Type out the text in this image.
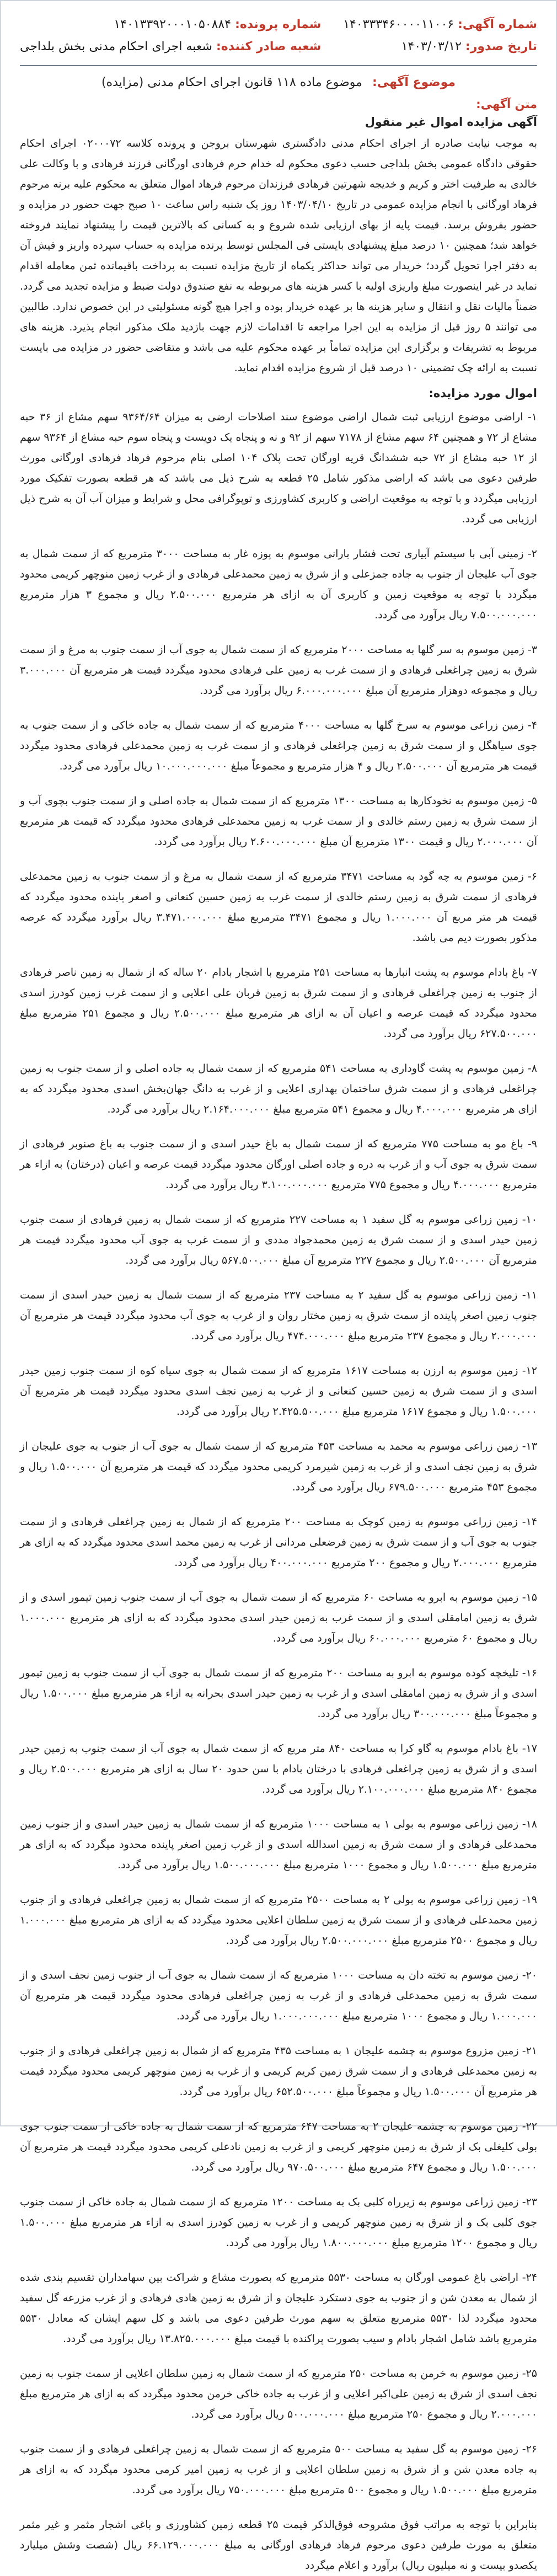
شماره آگهی: ۱۴۰۳۳۳۴۶۰۰۰۰۱۱۰۰۶
تاریخ صدور: ۱۴۰۳/۰۳/۱۲
شماره پرونده: ۱۴۰۱۳۳۹۲۰۰۰۱۰۵۰۸۸۴
شعبه صادر کننده: شعبه اجرای احکام مدنی بخش بلداجی
موضوع آگهی:
موضوع ماده ۱۱۸ قانون اجرای احکام مدنی (مزایده)
متن آگهی:
آگهی مزایده اموال غیر منقول

به موجب نیابت صادره از اجرای احکام مدنی دادگستری شهرستان بروجن و پرونده کلاسه ۰۲۰۰۰۷۲ اجرای احکام حقوقی دادگاه عمومی بخش بلداجی حسب دعوی محکوم له خدام حرم فرهادی اورگانی فرزند فرهادی و با وکالت علی خالدی به طرفیت اختر و کریم و خدیجه شهرتین فرهادی فرزندان مرحوم فرهاد اموال متعلق به محکوم علیه برنه مرحوم فرهاد اورگانی با انجام مزایده عمومی در تاریخ ۱۴۰۳/۰۴/۱۰ روز یک شنبه راس ساعت ۱۰ صبح جهت حضور در مزایده و حضور بفروش برسد. قیمت پایه از بهای ارزیابی شده شروع و به کسانی که بالاترین قیمت را پیشنهاد نمایند فروخته خواهد شد؛ همچنین ۱۰ درصد مبلغ پیشنهادی بایستی فی المجلس توسط برنده مزایده به حساب سپرده واریز و فیش آن به دفتر اجرا تحویل گردد؛ خریدار می تواند حداکثر یکماه از تاریخ مزایده نسبت به پرداخت باقیمانده ثمن معامله اقدام نماید در غیر اینصورت مبلغ واریزی اولیه با کسر هزینه های مربوطه به نفع صندوق دولت ضبط و مزایده تجدید می گردد. ضمناً مالیات نقل و انتقال و سایر هزینه ها بر عهده خریدار بوده و اجرا هیچ گونه مسئولیتی در این خصوص ندارد. طالبین می توانند ۵ روز قبل از مزایده به این اجرا مراجعه تا اقدامات لازم جهت بازدید ملک مذکور انجام پذیرد. هزینه های مربوط به تشریفات و برگزاری این مزایده تماماً بر عهده محکوم علیه می باشد و متقاضی حضور در مزایده می بایست نسبت به ارائه چک تضمینی ۱۰ درصد قبل از شروع مزایده اقدام نماید.

اموال مورد مزایده:

۱- اراضی موضوع ارزیابی ثبت شمال اراضی موضوع سند اصلاحات ارضی به میزان ۹۳۶۴/۶۴ سهم مشاع از ۳۶ حبه مشاع از ۷۲ و همچنین ۶۴ سهم مشاع از ۷۱۷۸ سهم از ۹۲ و نه و پنجاه یک دویست و پنجاه سوم حبه مشاع از ۹۳۶۴ سهم از ۱۲ حبه مشاع از ۷۲ حبه ششدانگ قریه اورگان تحت پلاک ۱۰۴ اصلی بنام مرحوم فرهاد فرهادی اورگانی مورث طرفین دعوی می باشد که اراضی مذکور شامل ۲۵ قطعه به شرح ذیل می باشد که هر قطعه بصورت تفکیک مورد ارزیابی میگردد و با توجه به موقعیت اراضی و کاربری کشاورزی و توپوگرافی محل و شرایط و میزان آب آن به شرح ذیل ارزیابی می گردد.

۲- زمینی آبی با سیستم آبیاری تحت فشار بارانی موسوم به پوزه غار به مساحت ۳۰۰۰ مترمربع که از سمت شمال به جوی آب علیجان از جنوب به جاده جمزعلی و از شرق به زمین محمدعلی فرهادی و از غرب زمین منوچهر کریمی محدود میگردد با توجه به موقعیت زمین و کاربری آن به ازای هر مترمربع ۲.۵۰۰.۰۰۰ ریال و مجموع ۳ هزار مترمربع ۷.۵۰۰.۰۰۰.۰۰۰ ریال برآورد می گردد.

۳- زمین موسوم به سر گلها به مساحت ۲۰۰۰ مترمربع که از سمت شمال به جوی آب از سمت جنوب به مرغ و از سمت شرق به زمین چراغعلی فرهادی و از سمت غرب به زمین علی فرهادی محدود میگردد قیمت هر مترمربع آن ۳.۰۰۰.۰۰۰ ریال و مجموعه دوهزار مترمربع آن مبلغ ۶.۰۰۰.۰۰۰.۰۰۰ ریال برآورد می گردد.

۴- زمین زراعی موسوم به سرخ گلها به مساحت ۴۰۰۰ مترمربع که از سمت شمال به جاده خاکی و از سمت جنوب به جوی سیاهگل و از سمت شرق به زمین چراغعلی فرهادی و از سمت غرب به زمین محمدعلی فرهادی محدود میگردد قیمت هر مترمربع آن ۲.۵۰۰.۰۰۰ ریال و ۴ هزار مترمربع و مجموعاً مبلغ ۱۰.۰۰۰.۰۰۰.۰۰۰ ریال برآورد می گردد.

۵- زمین موسوم به نخودکارها به مساحت ۱۳۰۰ مترمربع که از سمت شمال به جاده اصلی و از سمت جنوب بچوی آب و از سمت شرق به زمین رستم خالدی و از سمت غرب به زمین محمدعلی فرهادی محدود میگردد که قیمت هر مترمربع آن ۲.۰۰۰.۰۰۰ ریال و قیمت ۱۳۰۰ مترمربع آن مبلغ ۲.۶۰۰.۰۰۰.۰۰۰ ریال برآورد می گردد.

۶- زمین موسوم به چه گود به مساحت ۳۴۷۱ مترمربع که از سمت شمال به مرغ و از سمت جنوب به زمین محمدعلی فرهادی از سمت شرق به زمین رستم خالدی از سمت غرب به زمین حسین کنعانی و اصغر پاینده محدود میگردد که قیمت هر متر مربع آن ۱.۰۰۰.۰۰۰ ریال و مجموع ۳۴۷۱ مترمربع مبلغ ۳.۴۷۱.۰۰۰.۰۰۰ ریال برآورد میگردد که عرصه مذکور بصورت دیم می باشد.

۷- باغ بادام موسوم به پشت انبارها به مساحت ۲۵۱ مترمربع با اشجار بادام ۲۰ ساله که از شمال به زمین ناصر فرهادی از جنوب به زمین چراغعلی فرهادی و از سمت شرق به زمین قربان علی اعلایی و از سمت غرب زمین کودرز اسدی محدود میگردد که قیمت عرصه و اعیان آن به ازای هر مترمربع مبلغ ۲.۵۰۰.۰۰۰ ریال و مجموع ۲۵۱ مترمربع مبلغ ۶۲۷.۵۰۰.۰۰۰ ریال برآورد می گردد.

۸- زمین موسوم به پشت گاوداری به مساحت ۵۴۱ مترمربع که از سمت شمال به جاده اصلی و از سمت جنوب به زمین چراغعلی فرهادی و از سمت شرق ساختمان بهداری اعلایی و از غرب به دانگ جهان‌بخش اسدی محدود میگردد که به ازای هر مترمربع ۴.۰۰۰.۰۰۰ ریال و مجموع ۵۴۱ مترمربع مبلغ ۲.۱۶۴.۰۰۰.۰۰۰ ریال برآورد می گردد.

۹- باغ مو به مساحت ۷۷۵ مترمربع که از سمت شمال به باغ حیدر اسدی و از سمت جنوب به باغ صنوبر فرهادی از سمت شرق به جوی آب و از غرب به دره و جاده اصلی اورگان محدود میگردد قیمت عرصه و اعیان (درختان) به ازاء هر مترمربع ۴.۰۰۰.۰۰۰ ریال و مجموع ۷۷۵ مترمربع ۳.۱۰۰.۰۰۰.۰۰۰ ریال برآورد می گردد.

۱۰- زمین زراعی موسوم به گل سفید ۱ به مساحت ۲۲۷ مترمربع که از سمت شمال به زمین فرهادی از سمت جنوب زمین حیدر اسدی و از سمت شرق به زمین محمدجواد مددی و از سمت غرب به جوی آب محدود میگردد قیمت هر مترمربع آن ۲.۵۰۰.۰۰۰ ریال و مجموع ۲۲۷ مترمربع آن مبلغ ۵۶۷.۵۰۰.۰۰۰ ریال برآورد می گردد.

۱۱- زمین زراعی موسوم به گل سفید ۲ به مساحت ۲۳۷ مترمربع که از سمت شمال به زمین حیدر اسدی از سمت جنوب زمین اصغر پاینده از سمت شرق به زمین مختار روان و از غرب به جوی آب محدود میگردد قیمت هر مترمربع آن ۲.۰۰۰.۰۰۰ ریال و مجموع ۲۳۷ مترمربع مبلغ ۴۷۴.۰۰۰.۰۰۰ ریال برآورد می گردد.

۱۲- زمین موسوم به ارزن به مساحت ۱۶۱۷ مترمربع که از سمت شمال به جوی سیاه کوه از سمت جنوب زمین حیدر اسدی و از سمت شرق به زمین حسین کنعانی و از غرب به زمین نجف اسدی محدود میگردد قیمت هر مترمربع آن ۱.۵۰۰.۰۰۰ ریال و مجموع ۱۶۱۷ مترمربع مبلغ ۲.۴۲۵.۵۰۰.۰۰۰ ریال برآورد می گردد.

۱۳- زمین زراعی موسوم به محمد به مساحت ۴۵۳ مترمربع که از سمت شمال به جوی آب از جنوب به جوی علیجان از شرق به زمین نجف اسدی و از غرب به زمین شیرمرد کریمی محدود میگردد که قیمت هر مترمربع آن ۱.۵۰۰.۰۰۰ ریال و مجموع ۴۵۳ مترمربع ۶۷۹.۵۰۰.۰۰۰ ریال برآورد می گردد.

۱۴- زمین زراعی موسوم به زمین کوچک به مساحت ۲۰۰ مترمربع که از شمال به زمین چراغعلی فرهادی و از سمت جنوب به جوی آب و از سمت شرق به زمین فرضعلی مردانی از غرب به زمین محمد اسدی محدود میگردد که به ازای هر مترمربع ۲.۰۰۰.۰۰۰ ریال و مجموع ۲۰۰ مترمربع ۴۰۰.۰۰۰.۰۰۰ ریال برآورد می گردد.

۱۵- زمین موسوم به ابرو به مساحت ۶۰ مترمربع که از سمت شمال به جوی آب از سمت جنوب زمین تیمور اسدی و از شرق به زمین امامقلی اسدی و از سمت غرب به زمین حیدر اسدی محدود میگردد که به ازای هر مترمربع ۱.۰۰۰.۰۰۰ ریال و مجموع ۶۰ مترمربع ۶۰.۰۰۰.۰۰۰ ریال برآورد می گردد.

۱۶- تلیخچه کوده موسوم به ابرو به مساحت ۲۰۰ مترمربع که از سمت شمال به جوی آب از سمت جنوب به زمین تیمور اسدی و از شرق به زمین امامقلی اسدی و از غرب به زمین حیدر اسدی بحرانه به ازاء هر مترمربع مبلغ ۱.۵۰۰.۰۰۰ ریال و مجموعاً مبلغ ۳۰۰.۰۰۰.۰۰۰ ریال برآورد می گردد.

۱۷- باغ بادام موسوم به گاو کرا به مساحت ۸۴۰ متر مربع که از سمت شمال به جوی آب از سمت جنوب به زمین حیدر اسدی و از شرق به زمین چراغعلی فرهادی با درختان بادام با سن حدود ۲۰ سال به ازای هر مترمربع ۲.۵۰۰.۰۰۰ ریال و مجموع ۸۴۰ مترمربع مبلغ ۲.۱۰۰.۰۰۰.۰۰۰ ریال برآورد می گردد.

۱۸- زمین زراعی موسوم به بولی ۱ به مساحت ۱۰۰۰ مترمربع که از سمت شمال به زمین حیدر اسدی و از جنوب زمین محمدعلی فرهادی و از سمت شرق به زمین اسدالله اسدی و از غرب زمین اصغر پاینده محدود میگردد که به ازای هر مترمربع مبلغ ۱.۵۰۰.۰۰۰ ریال و مجموع ۱۰۰۰ مترمربع مبلغ ۱.۵۰۰.۰۰۰.۰۰۰ ریال برآورد می گردد.

۱۹- زمین زراعی موسوم به بولی ۲ به مساحت ۲۵۰۰ مترمربع که از سمت شمال به زمین چراغعلی فرهادی و از جنوب زمین محمدعلی فرهادی و از سمت شرق به زمین سلطان اعلایی محدود میگردد که به ازای هر مترمربع مبلغ ۱.۰۰۰.۰۰۰ ریال و مجموع ۲۵۰۰ مترمربع مبلغ ۲.۵۰۰.۰۰۰.۰۰۰ ریال برآورد می گردد.

۲۰- زمین موسوم به تخته دان به مساحت ۱۰۰۰ مترمربع که از سمت شمال به جوی آب از جنوب زمین نجف اسدی و از سمت شرق به زمین محمدعلی فرهادی و از غرب به زمین چراغعلی فرهادی محدود میگردد قیمت هر مترمربع آن ۱.۰۰۰.۰۰۰ ریال و مجموع ۱۰۰۰ مترمربع مبلغ ۱.۰۰۰.۰۰۰.۰۰۰ ریال برآورد می گردد.

۲۱- زمین مزروع موسوم به چشمه علیجان ۱ به مساحت ۴۳۵ مترمربع که از شمال به زمین چراغعلی فرهادی و از جنوب به زمین محمدعلی فرهادی و از سمت شرق زمین کریم کریمی و از غرب به زمین منوچهر کریمی محدود میگردد قیمت هر مترمربع آن ۱.۵۰۰.۰۰۰ ریال و مجموعاً مبلغ ۶۵۲.۵۰۰.۰۰۰ ریال برآورد می گردد.

۲۲- زمین موسوم به چشمه علیجان ۲ به مساحت ۶۴۷ مترمربع که از سمت شمال به جاده خاکی از سمت جنوب جوی بولی کلیغلی بک از شرق به زمین منوچهر کریمی و از غرب به زمین نادعلی کریمی محدود میگردد قیمت هر مترمربع آن ۱.۵۰۰.۰۰۰ ریال و مجموع ۶۴۷ مترمربع مبلغ ۹۷۰.۵۰۰.۰۰۰ ریال برآورد می گردد.

۲۳- زمین زراعی موسوم به زیرراه کلبی بک به مساحت ۱۲۰۰ مترمربع که از سمت شمال به جاده خاکی از سمت جنوب جوی کلبی بک و از شرق به زمین منوچهر کریمی و از غرب به زمین کودرز اسدی به ازاء هر مترمربع مبلغ ۱.۵۰۰.۰۰۰ ریال و مجموع ۱۲۰۰ مترمربع مبلغ ۱.۸۰۰.۰۰۰.۰۰۰ ریال برآورد می گردد.

۲۴- اراضی باغ عمومی اورگان به مساحت ۵۵۳۰ مترمربع که بصورت مشاع و شراکت بین سهامداران تقسیم بندی شده از شمال به معدن شن و از جنوب به جوی دستکرد علیجان و از شرق به زمین هادی فرهادی و از غرب مزرعه گل سفید محدود میگردد لذا ۵۵۳۰ مترمربع متعلق به سهم مورث طرفین دعوی می باشد و کل سهم ایشان که معادل ۵۵۳۰ مترمربع باشد شامل اشجار بادام و سیب بصورت پراکنده با قیمت مبلغ ۱۳.۸۲۵.۰۰۰.۰۰۰ ریال برآورد می گردد.

۲۵- زمین موسوم به خرمن به مساحت ۲۵۰ مترمربع که از سمت شمال به زمین سلطان اعلایی از سمت جنوب به زمین نجف اسدی از شرق به زمین علی‌اکبر اعلایی و از غرب به جاده خاکی خرمن محدود میگردد که به ازای هر مترمربع مبلغ ۲.۰۰۰.۰۰۰ ریال و مجموع ۲۵۰ مترمربع مبلغ ۵۰۰.۰۰۰.۰۰۰ ریال برآورد می گردد.

۲۶- زمین موسوم به گل سفید به مساحت ۵۰۰ مترمربع که از سمت شمال به زمین چراغعلی فرهادی و از سمت جنوب به جاده معدن شن و از شرق به زمین سلطان اعلایی و از غرب به زمین امیر کرمی محدود میگردد که به ازای هر مترمربع مبلغ ۱.۵۰۰.۰۰۰ ریال و مجموع ۵۰۰ مترمربع مبلغ ۷۵۰.۰۰۰.۰۰۰ ریال برآورد می گردد.

بنابراین با توجه به مراتب فوق مشروحه فوق‌الذکر قیمت ۲۵ قطعه زمین کشاورزی و باغی اشجار مثمر و غیر مثمر متعلق به مورث طرفین دعوی مرحوم فرهاد فرهادی اورگانی به مبلغ ۶۶.۱۲۹.۰۰۰.۰۰۰ ریال (شصت وشش میلیارد یکصدو بیست و نه میلیون ریال) برآورد و اعلام میگردد
